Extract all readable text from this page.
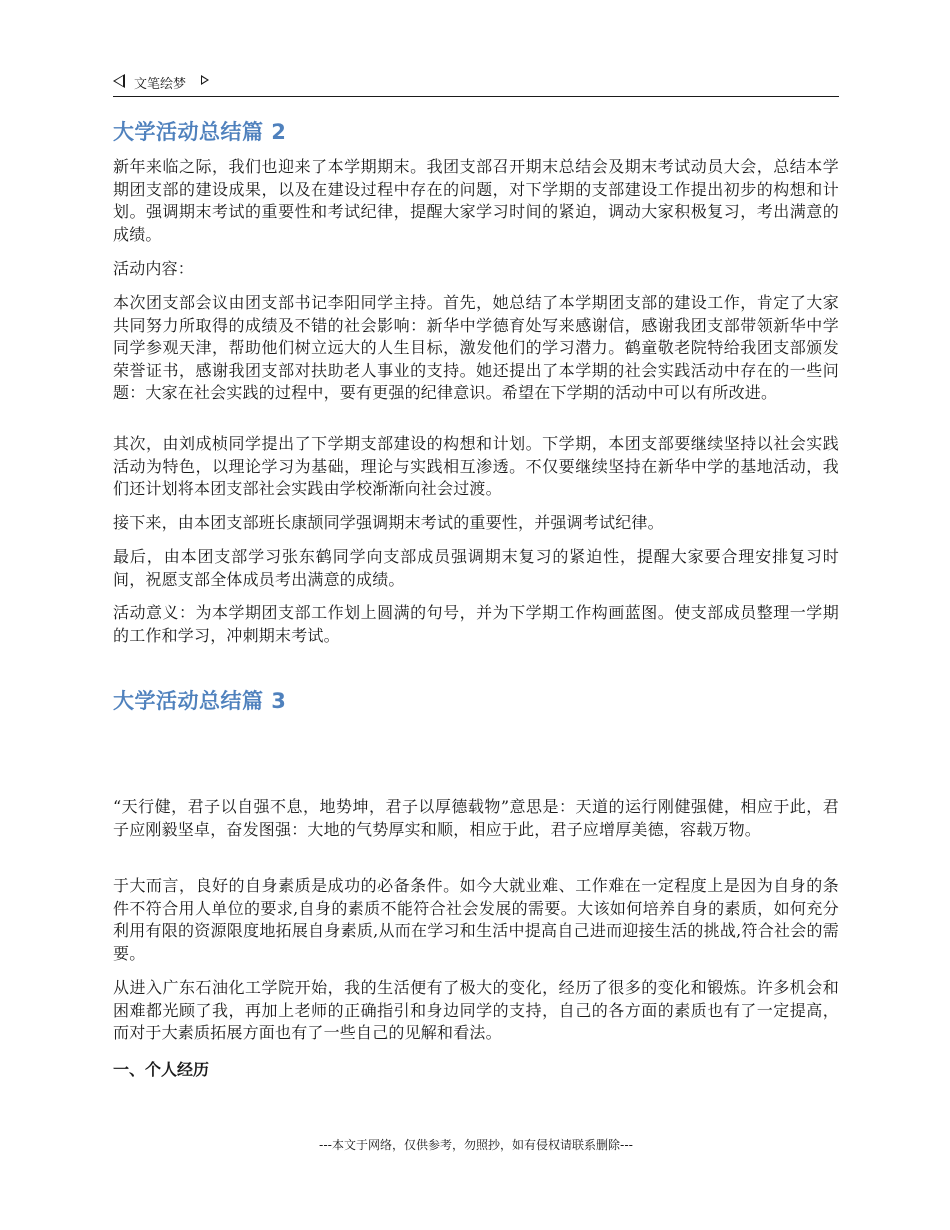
文笔绘梦
大学活动总结篇 2

新年来临之际，我们也迎来了本学期期末。我团支部召开期末总结会及期末考试动员大会，总结本学期团支部的建设成果，以及在建设过程中存在的问题，对下学期的支部建设工作提出初步的构想和计划。强调期末考试的重要性和考试纪律，提醒大家学习时间的紧迫，调动大家积极复习，考出满意的成绩。

活动内容：

本次团支部会议由团支部书记李阳同学主持。首先，她总结了本学期团支部的建设工作，肯定了大家共同努力所取得的成绩及不错的社会影响：新华中学德育处写来感谢信，感谢我团支部带领新华中学同学参观天津，帮助他们树立远大的人生目标，激发他们的学习潜力。鹤童敬老院特给我团支部颁发荣誉证书，感谢我团支部对扶助老人事业的支持。她还提出了本学期的社会实践活动中存在的一些问题：大家在社会实践的过程中，要有更强的纪律意识。希望在下学期的活动中可以有所改进。

其次，由刘成桢同学提出了下学期支部建设的构想和计划。下学期，本团支部要继续坚持以社会实践活动为特色，以理论学习为基础，理论与实践相互渗透。不仅要继续坚持在新华中学的基地活动，我们还计划将本团支部社会实践由学校渐渐向社会过渡。

接下来，由本团支部班长康颉同学强调期末考试的重要性，并强调考试纪律。

最后，由本团支部学习张东鹤同学向支部成员强调期末复习的紧迫性，提醒大家要合理安排复习时间，祝愿支部全体成员考出满意的成绩。

活动意义：为本学期团支部工作划上圆满的句号，并为下学期工作构画蓝图。使支部成员整理一学期的工作和学习，冲刺期末考试。

大学活动总结篇 3

“天行健，君子以自强不息，地势坤，君子以厚德载物”意思是：天道的运行刚健强健，相应于此，君子应刚毅坚卓，奋发图强：大地的气势厚实和顺，相应于此，君子应增厚美德，容载万物。

于大而言，良好的自身素质是成功的必备条件。如今大就业难、工作难在一定程度上是因为自身的条件不符合用人单位的要求,自身的素质不能符合社会发展的需要。大该如何培养自身的素质，如何充分利用有限的资源限度地拓展自身素质,从而在学习和生活中提高自己进而迎接生活的挑战,符合社会的需要。

从进入广东石油化工学院开始，我的生活便有了极大的变化，经历了很多的变化和锻炼。许多机会和困难都光顾了我，再加上老师的正确指引和身边同学的支持，自己的各方面的素质也有了一定提高，而对于大素质拓展方面也有了一些自己的见解和看法。

一、个人经历
---本文于网络，仅供参考，勿照抄，如有侵权请联系删除---
